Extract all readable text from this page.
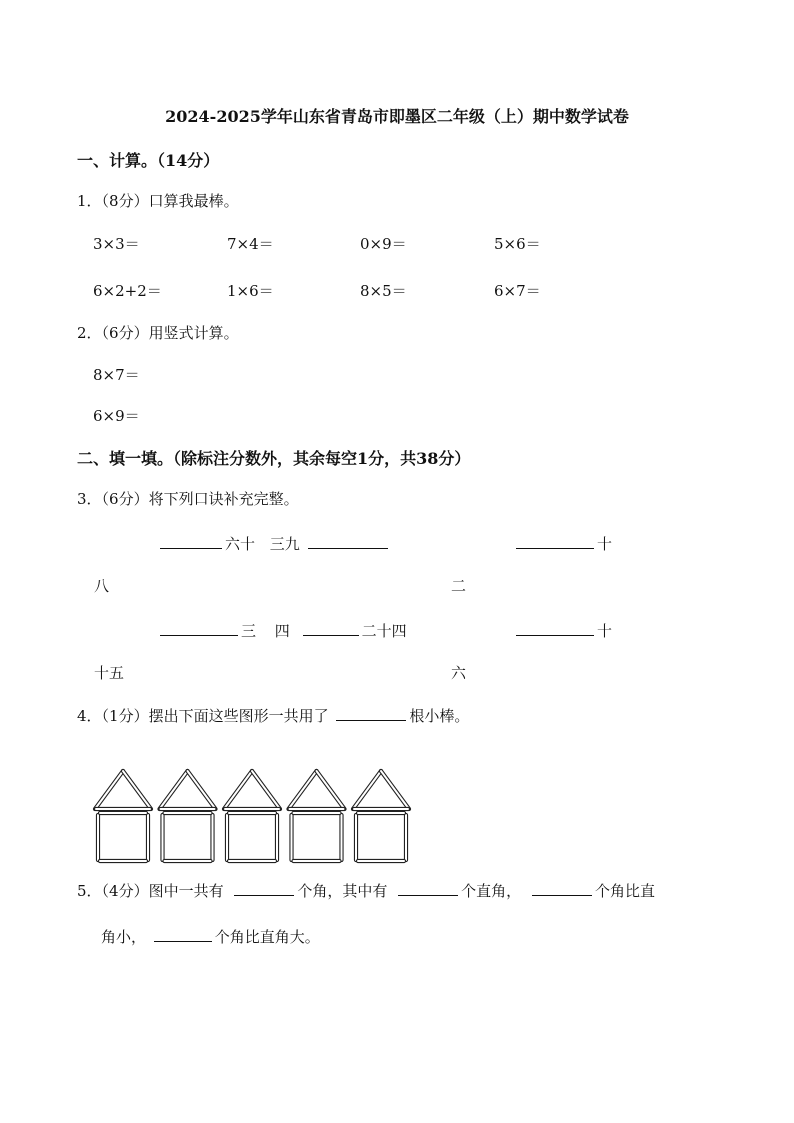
2024-2025学年山东省青岛市即墨区二年级（上）期中数学试卷
一、计算。（14分）
1．（8分）口算我最棒。
3×3＝	7×4＝	0×9＝	5×6＝
6×2+2＝	1×6＝	8×5＝	6×7＝
2．（6分）用竖式计算。
8×7＝
6×9＝
二、填一填。（除标注分数外，其余每空1分，共38分）
3．（6分）将下列口诀补充完整。
六十 三九	十
八	二
三 四	二十四	十
十五	六
4．（1分）摆出下面这些图形一共用了	根小棒。
5．（4分）图中一共有	个角，其中有	个直角，	个角比直
角小，	个角比直角大。
